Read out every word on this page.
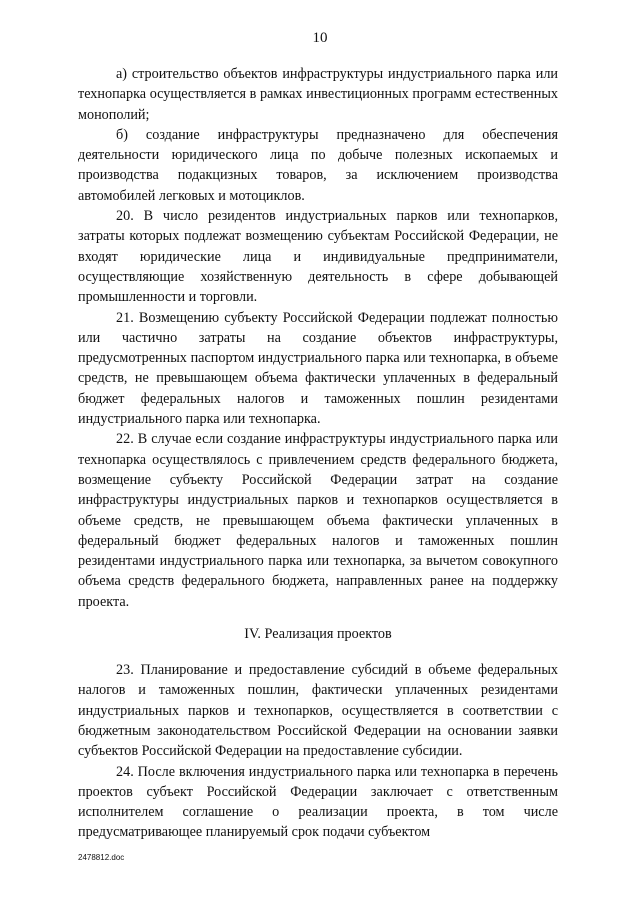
10

а) строительство объектов инфраструктуры индустриального парка или технопарка осуществляется в рамках инвестиционных программ естественных монополий;

б) создание инфраструктуры предназначено для обеспечения деятельности юридического лица по добыче полезных ископаемых и производства подакцизных товаров, за исключением производства автомобилей легковых и мотоциклов.

20. В число резидентов индустриальных парков или технопарков, затраты которых подлежат возмещению субъектам Российской Федерации, не входят юридические лица и индивидуальные предприниматели, осуществляющие хозяйственную деятельность в сфере добывающей промышленности и торговли.

21. Возмещению субъекту Российской Федерации подлежат полностью или частично затраты на создание объектов инфраструктуры, предусмотренных паспортом индустриального парка или технопарка, в объеме средств, не превышающем объема фактически уплаченных в федеральный бюджет федеральных налогов и таможенных пошлин резидентами индустриального парка или технопарка.

22. В случае если создание инфраструктуры индустриального парка или технопарка осуществлялось с привлечением средств федерального бюджета, возмещение субъекту Российской Федерации затрат на создание инфраструктуры индустриальных парков и технопарков осуществляется в объеме средств, не превышающем объема фактически уплаченных в федеральный бюджет федеральных налогов и таможенных пошлин резидентами индустриального парка или технопарка, за вычетом совокупного объема средств федерального бюджета, направленных ранее на поддержку проекта.

IV. Реализация проектов

23. Планирование и предоставление субсидий в объеме федеральных налогов и таможенных пошлин, фактически уплаченных резидентами индустриальных парков и технопарков, осуществляется в соответствии с бюджетным законодательством Российской Федерации на основании заявки субъектов Российской Федерации на предоставление субсидии.

24. После включения индустриального парка или технопарка в перечень проектов субъект Российской Федерации заключает с ответственным исполнителем соглашение о реализации проекта, в том числе предусматривающее планируемый срок подачи субъектом

2478812.doc
